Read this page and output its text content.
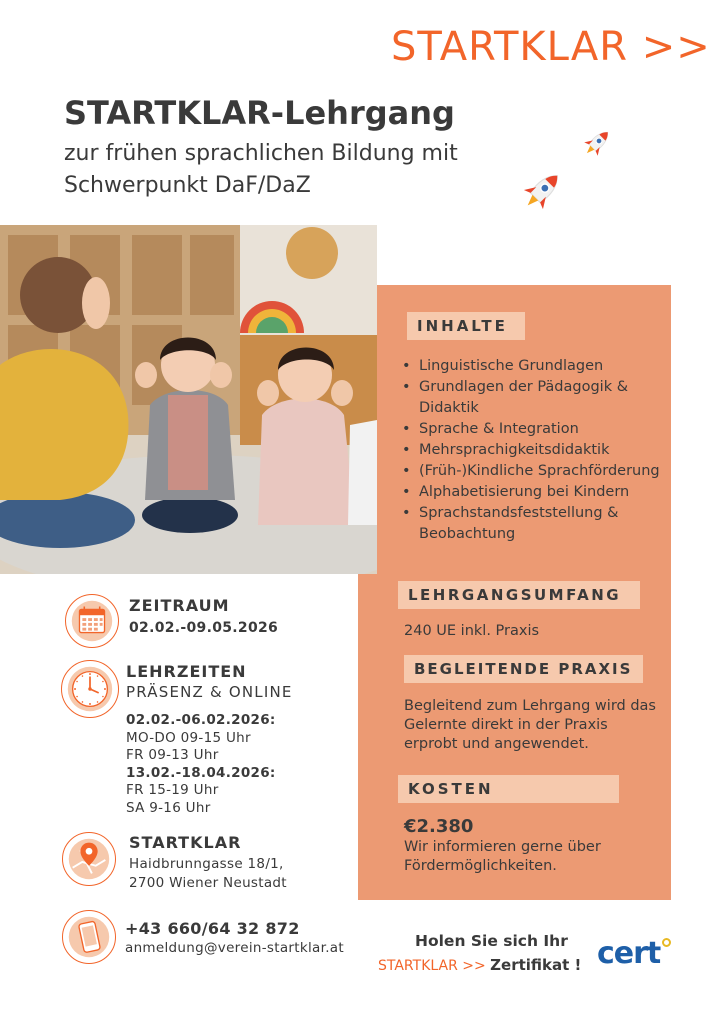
STARTKLAR >>
STARTKLAR-Lehrgang
zur frühen sprachlichen Bildung mit Schwerpunkt DaF/DaZ
INHALTE
• Linguistische Grundlagen
• Grundlagen der Pädagogik & Didaktik
• Sprache & Integration
• Mehrsprachigkeitsdidaktik
• (Früh-)Kindliche Sprachförderung
• Alphabetisierung bei Kindern
• Sprachstandsfeststellung & Beobachtung
LEHRGANGSUMFANG
240 UE inkl. Praxis
BEGLEITENDE PRAXIS
Begleitend zum Lehrgang wird das Gelernte direkt in der Praxis erprobt und angewendet.
KOSTEN
€2.380
Wir informieren gerne über Fördermöglichkeiten.
ZEITRAUM
02.02.-09.05.2026
LEHRZEITEN
PRÄSENZ & ONLINE
02.02.-06.02.2026:
MO-DO 09-15 Uhr
FR 09-13 Uhr
13.02.-18.04.2026:
FR 15-19 Uhr
SA 9-16 Uhr
STARTKLAR
Haidbrunngasse 18/1,
2700 Wiener Neustadt
+43 660/64 32 872
anmeldung@verein-startklar.at	Holen Sie sich Ihr
STARTKLAR >> Zertifikat ! cert
